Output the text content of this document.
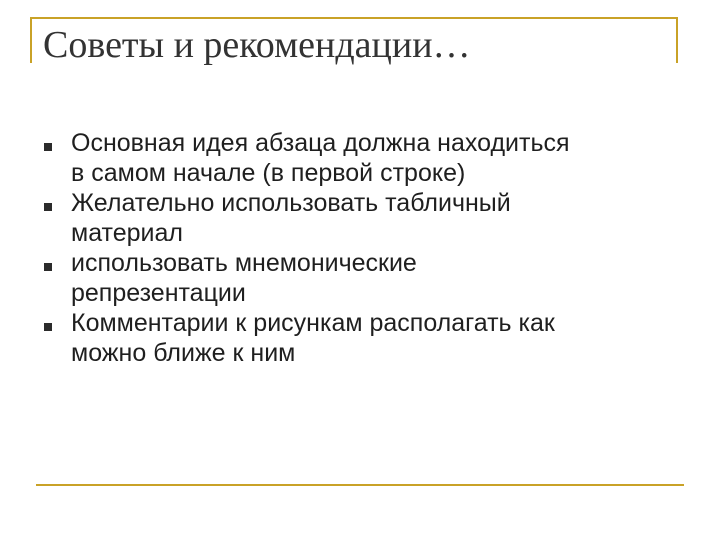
Советы и рекомендации…
Основная идея абзаца должна находиться
в самом начале (в первой строке)
Желательно использовать табличный
материал
использовать мнемонические
репрезентации
Комментарии к рисункам располагать как
можно ближе к ним
